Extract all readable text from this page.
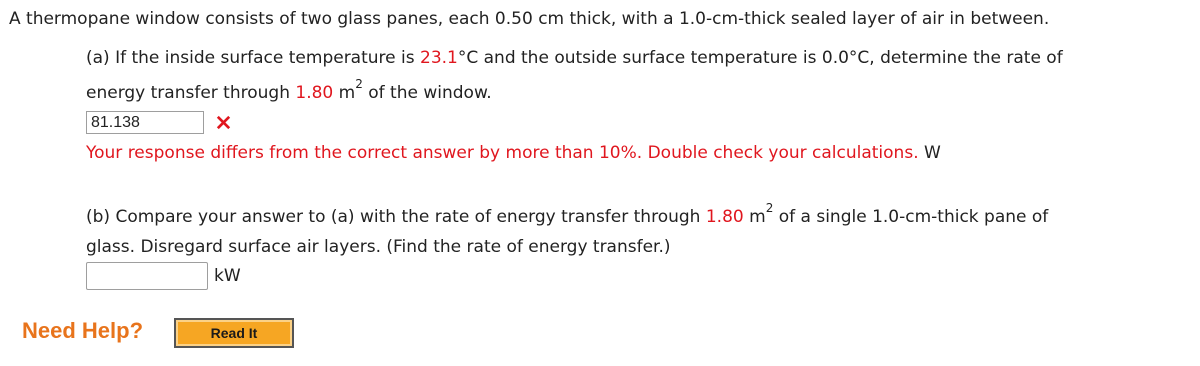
A thermopane window consists of two glass panes, each 0.50 cm thick, with a 1.0-cm-thick sealed layer of air in between.
(a) If the inside surface temperature is 23.1°C and the outside surface temperature is 0.0°C, determine the rate of
energy transfer through 1.80 $m^2$ of the window.
81.138
Your response differs from the correct answer by more than 10%. Double check your calculations. W
(b) Compare your answer to (a) with the rate of energy transfer through 1.80 $m^2$ of a single 1.0-cm-thick pane of
glass. Disregard surface air layers. (Find the rate of energy transfer.)
kW
Need Help?	Read It
